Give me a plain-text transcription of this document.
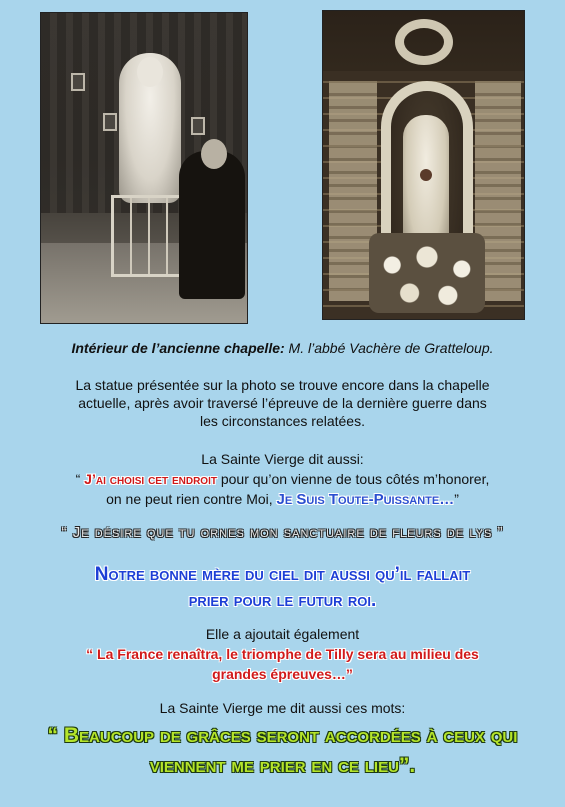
Intérieur de l’ancienne chapelle: M. l’abbé Vachère de Gratteloup.
La statue présentée sur la photo se trouve encore dans la chapelle
actuelle, après avoir traversé l’épreuve de la dernière guerre dans
les circonstances relatées.
La Sainte Vierge dit aussi:
“ J’ai choisi cet endroit pour qu’on vienne de tous côtés m’honorer,
on ne peut rien contre Moi, Je Suis Toute-Puissante…”
“ Je désire que tu ornes mon sanctuaire de fleurs de lys ”
Notre bonne mère du ciel dit aussi qu’il fallait
prier pour le futur roi.
Elle a ajoutait également
“ La France renaîtra, le triomphe de Tilly sera au milieu des
grandes épreuves…”
La Sainte Vierge me dit aussi ces mots:
“ Beaucoup de grâces seront accordées à ceux qui
viennent me prier en ce lieu”.
